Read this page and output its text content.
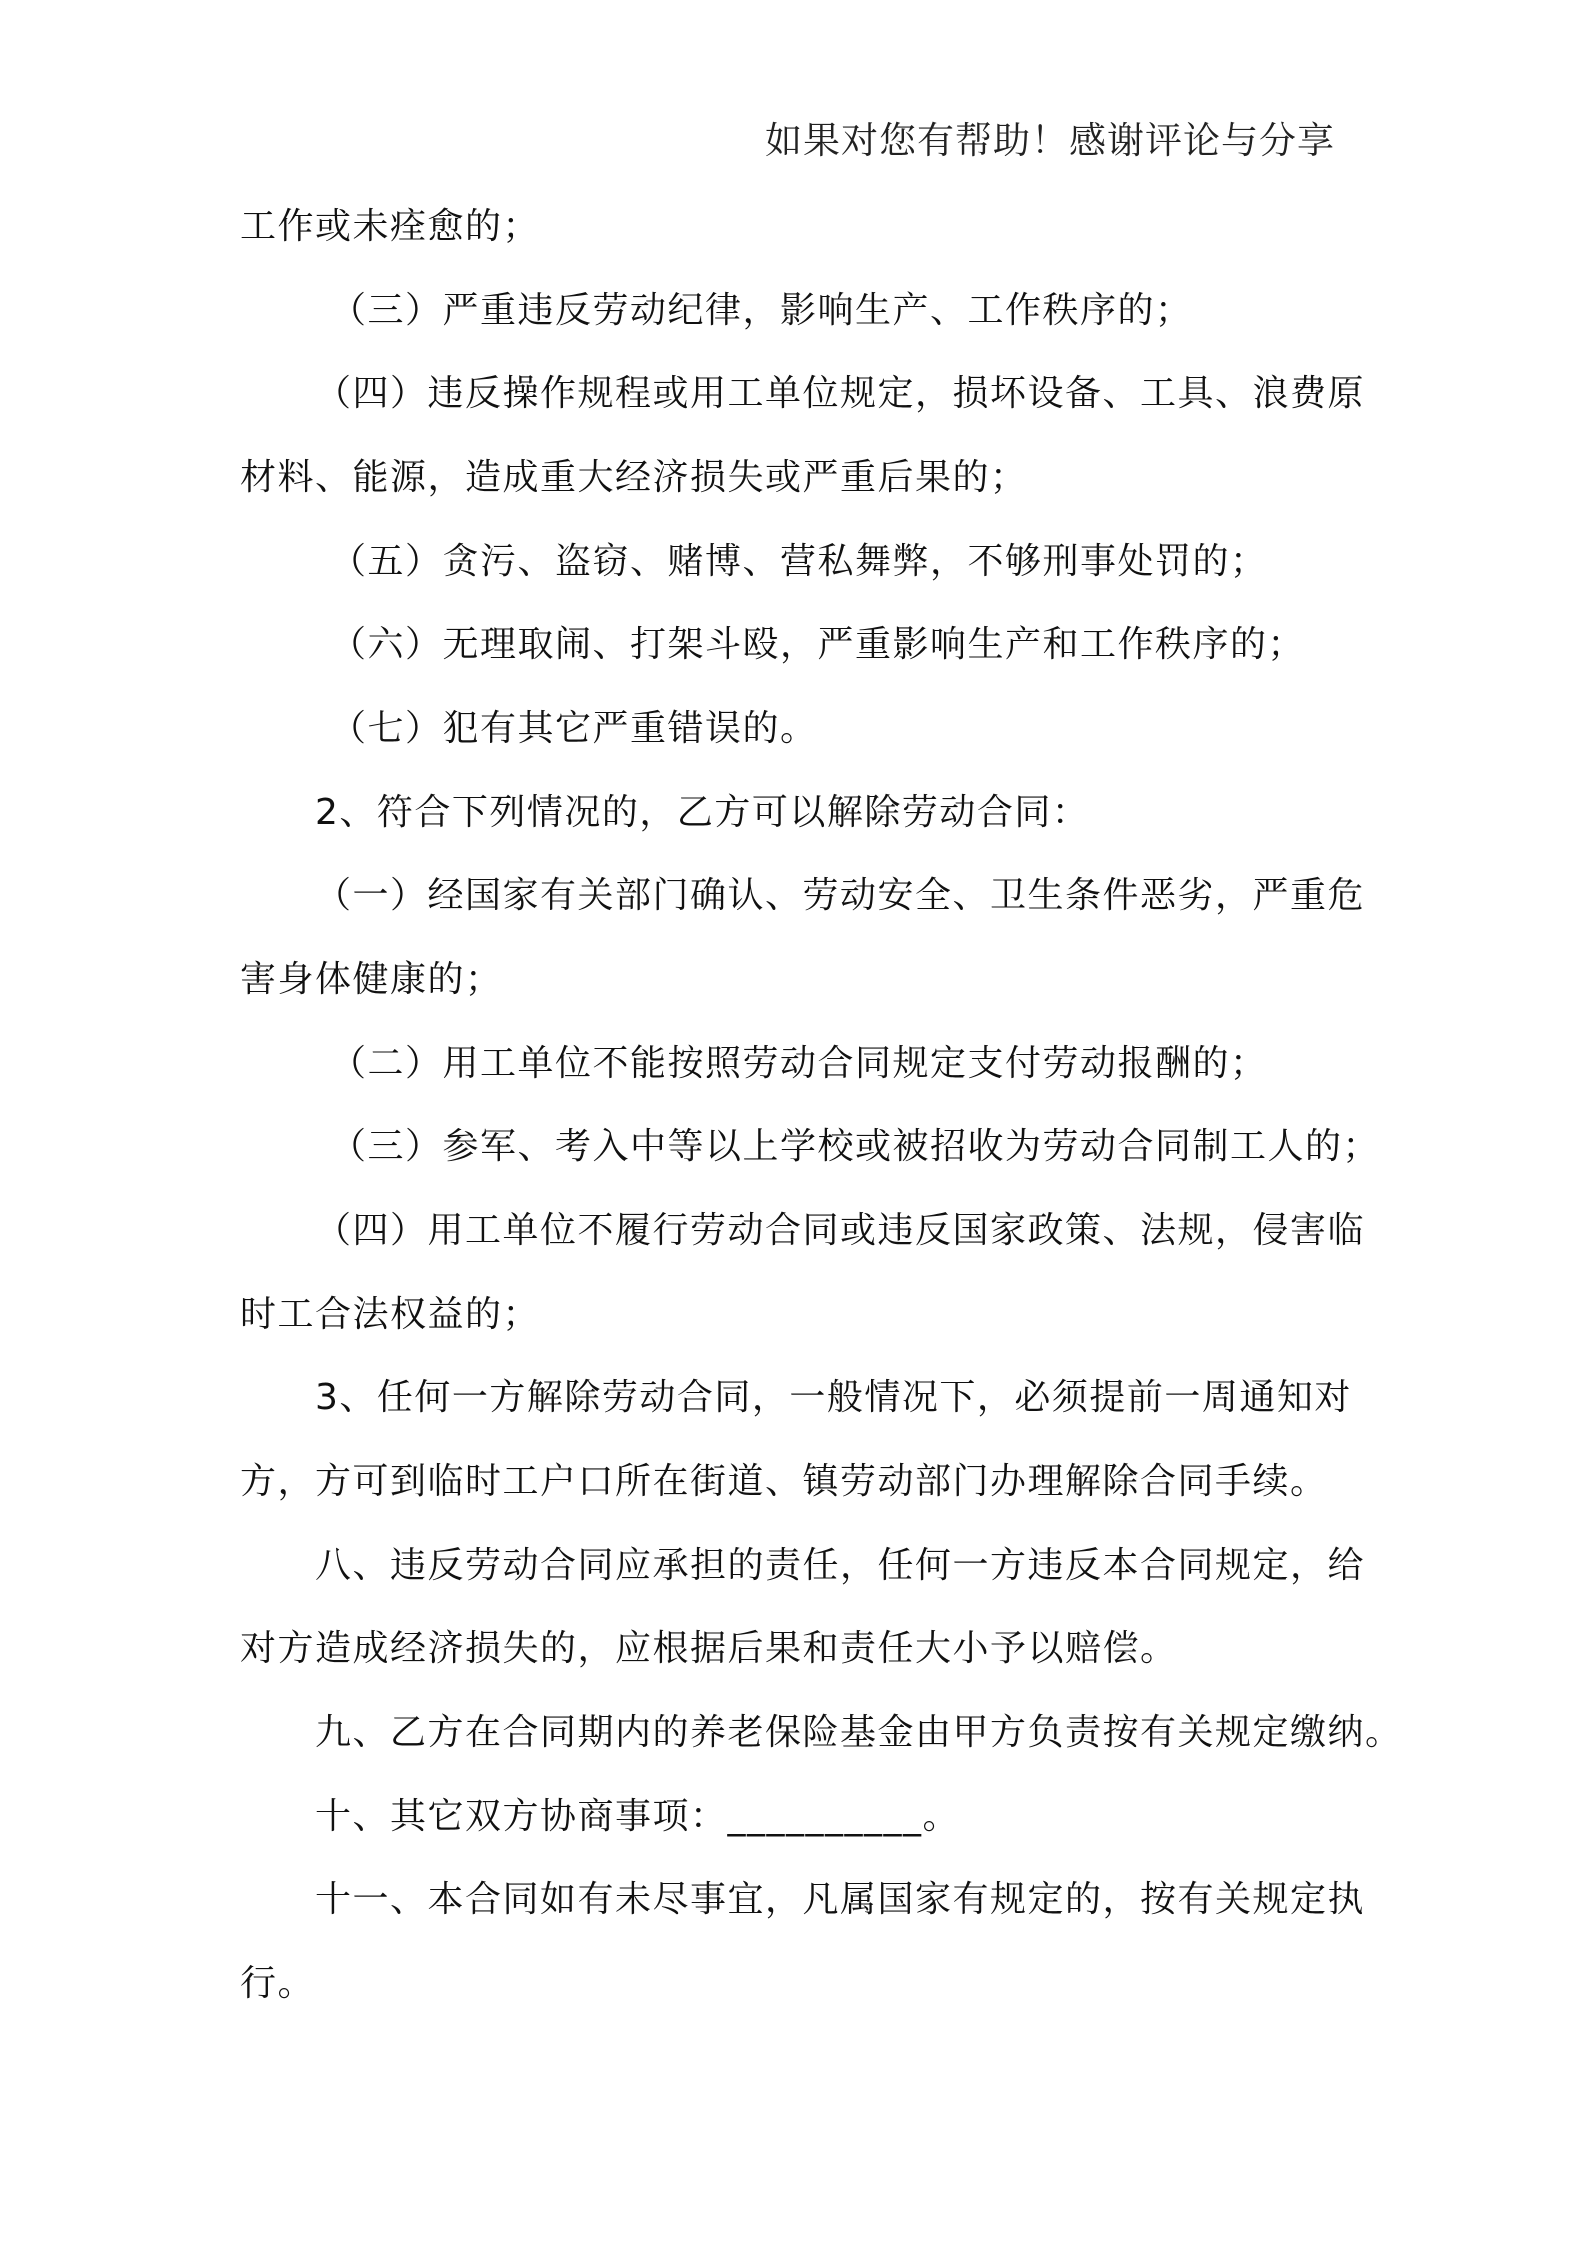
如果对您有帮助！感谢评论与分享
工作或未痊愈的；
（三）严重违反劳动纪律，影响生产、工作秩序的；
（四）违反操作规程或用工单位规定，损坏设备、工具、浪费原
材料、能源，造成重大经济损失或严重后果的；
（五）贪污、盗窃、赌博、营私舞弊，不够刑事处罚的；
（六）无理取闹、打架斗殴，严重影响生产和工作秩序的；
（七）犯有其它严重错误的。
2、符合下列情况的，乙方可以解除劳动合同：
（一）经国家有关部门确认、劳动安全、卫生条件恶劣，严重危
害身体健康的；
（二）用工单位不能按照劳动合同规定支付劳动报酬的；
（三）参军、考入中等以上学校或被招收为劳动合同制工人的；
（四）用工单位不履行劳动合同或违反国家政策、法规，侵害临
时工合法权益的；
3、任何一方解除劳动合同，一般情况下，必须提前一周通知对
方，方可到临时工户口所在街道、镇劳动部门办理解除合同手续。
八、违反劳动合同应承担的责任，任何一方违反本合同规定，给
对方造成经济损失的，应根据后果和责任大小予以赔偿。
九、乙方在合同期内的养老保险基金由甲方负责按有关规定缴纳。
十、其它双方协商事项：__________。
十一、本合同如有未尽事宜，凡属国家有规定的，按有关规定执
行。
